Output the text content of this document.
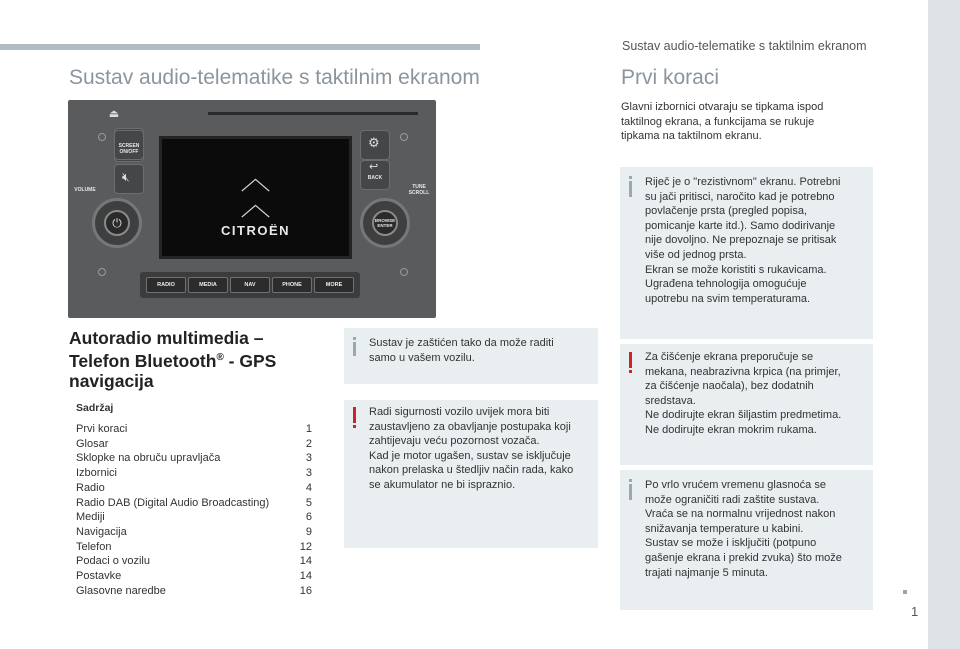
Sustav audio-telematike s taktilnim ekranom
1
Sustav audio-telematike s taktilnim ekranom	Prvi koraci
⏏
SCREEN ON/OFF
🔇︎
⚙
↩
BACK
VOLUME	TUNE SCROLL
⏻	BROWSE ENTER
︿
︿
CITROËN
RADIO	MEDIA	NAV	PHONE	MORE
Autoradio multimedia – Telefon Bluetooth® - GPS navigacija
Sadržaj
Prvi koraci	1
Glosar	2
Sklopke na obruču upravljača	3
Izbornici	3
Radio	4
Radio DAB (Digital Audio Broadcasting)	5
Mediji	6
Navigacija	9
Telefon	12
Podaci o vozilu	14
Postavke	14
Glasovne naredbe	16

Sustav je zaštićen tako da može raditi

samo u vašem vozilu.

Radi sigurnosti vozilo uvijek mora biti

zaustavljeno za obavljanje postupaka koji

zahtijevaju veću pozornost vozača.

Kad je motor ugašen, sustav se isključuje

nakon prelaska u štedljiv način rada, kako

se akumulator ne bi ispraznio.

Glavni izbornici otvaraju se tipkama ispod
taktilnog ekrana, a funkcijama se rukuje
tipkama na taktilnom ekranu.

Riječ je o "rezistivnom" ekranu. Potrebni

su jači pritisci, naročito kad je potrebno

povlačenje prsta (pregled popisa,

pomicanje karte itd.). Samo dodirivanje

nije dovoljno. Ne prepoznaje se pritisak

više od jednog prsta.

Ekran se može koristiti s rukavicama.

Ugrađena tehnologija omogućuje

upotrebu na svim temperaturama.

Za čišćenje ekrana preporučuje se

mekana, neabrazivna krpica (na primjer,

za čišćenje naočala), bez dodatnih

sredstava.

Ne dodirujte ekran šiljastim predmetima.

Ne dodirujte ekran mokrim rukama.

Po vrlo vrućem vremenu glasnoća se

može ograničiti radi zaštite sustava.

Vraća se na normalnu vrijednost nakon

snižavanja temperature u kabini.

Sustav se može i isključiti (potpuno

gašenje ekrana i prekid zvuka) što može

trajati najmanje 5 minuta.
